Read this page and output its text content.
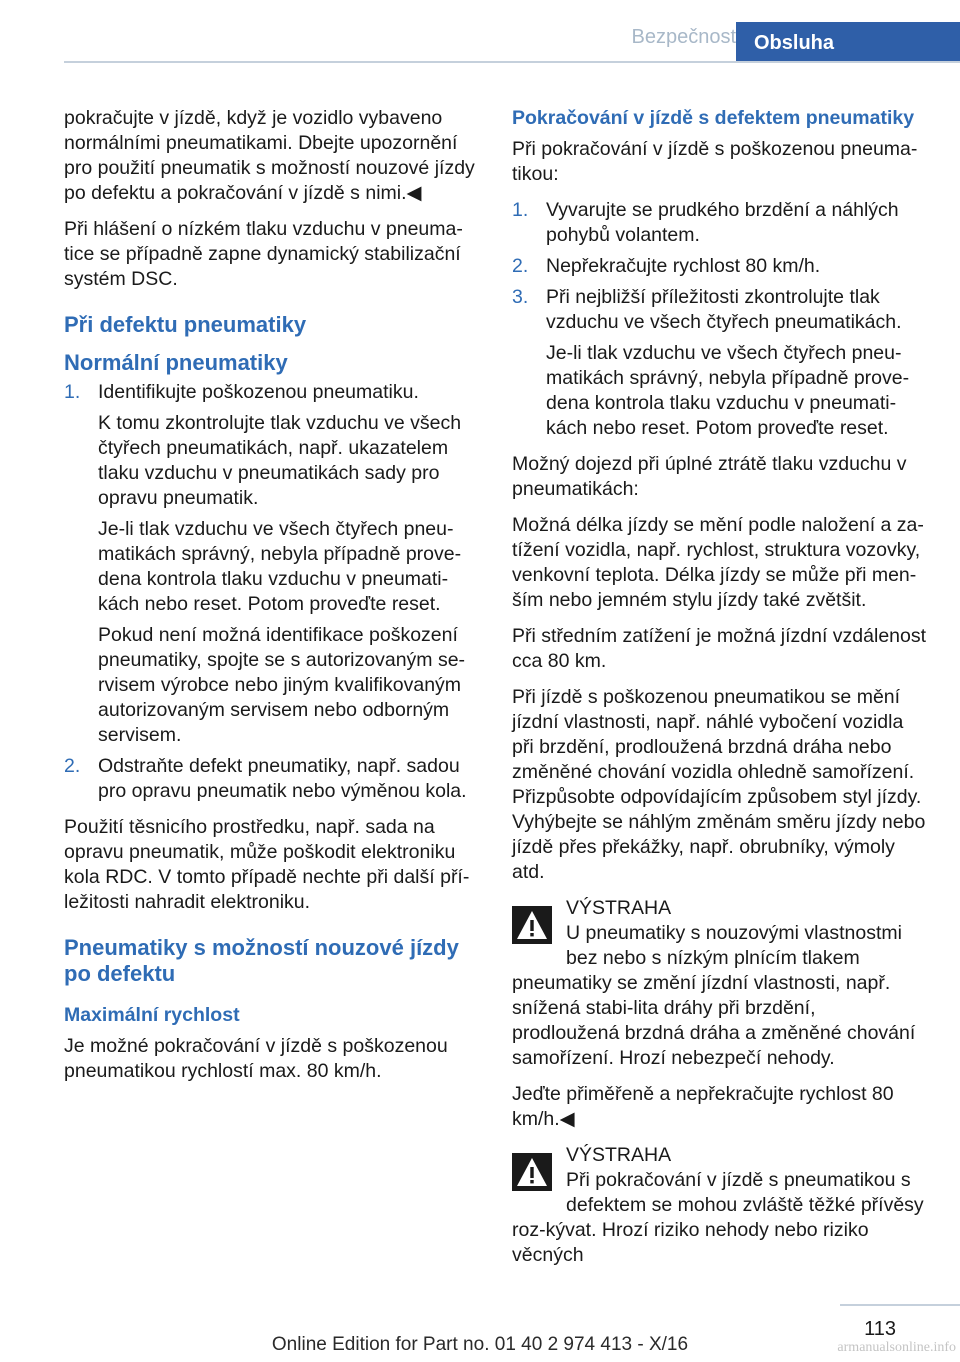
Bezpečnost Obsluha

pokračujte v jízdě, když je vozidlo vybaveno normálními pneumatikami. Dbejte upozornění pro použití pneumatik s možností nouzové jízdy po defektu a pokračování v jízdě s nimi.◀

Při hlášení o nízkém tlaku vzduchu v pneuma-tice se případně zapne dynamický stabilizační systém DSC.

Při defektu pneumatiky
Normální pneumatiky
1. Identifikujte poškozenou pneumatiku.
K tomu zkontrolujte tlak vzduchu ve všech čtyřech pneumatikách, např. ukazatelem tlaku vzduchu v pneumatikách sady pro opravu pneumatik.
Je-li tlak vzduchu ve všech čtyřech pneu-matikách správný, nebyla případně prove-dena kontrola tlaku vzduchu v pneumati-kách nebo reset. Potom proveďte reset.
Pokud není možná identifikace poškození pneumatiky, spojte se s autorizovaným se-rvisem výrobce nebo jiným kvalifikovaným autorizovaným servisem nebo odborným servisem.
2. Odstraňte defekt pneumatiky, např. sadou pro opravu pneumatik nebo výměnou kola.

Použití těsnicího prostředku, např. sada na opravu pneumatik, může poškodit elektroniku kola RDC. V tomto případě nechte při další pří-ležitosti nahradit elektroniku.

Pneumatiky s možností nouzové jízdy po defektu
Maximální rychlost

Je možné pokračování v jízdě s poškozenou pneumatikou rychlostí max. 80 km/h.

Pokračování v jízdě s defektem pneumatiky

Při pokračování v jízdě s poškozenou pneuma-tikou:

1. Vyvarujte se prudkého brzdění a náhlých pohybů volantem.
2. Nepřekračujte rychlost 80 km/h.
3. Při nejbližší příležitosti zkontrolujte tlak vzduchu ve všech čtyřech pneumatikách.
Je-li tlak vzduchu ve všech čtyřech pneu-matikách správný, nebyla případně prove-dena kontrola tlaku vzduchu v pneumati-kách nebo reset. Potom proveďte reset.

Možný dojezd při úplné ztrátě tlaku vzduchu v pneumatikách:

Možná délka jízdy se mění podle naložení a za-tížení vozidla, např. rychlost, struktura vozovky, venkovní teplota. Délka jízdy se může při men-ším nebo jemném stylu jízdy také zvětšit.

Při středním zatížení je možná jízdní vzdálenost cca 80 km.

Při jízdě s poškozenou pneumatikou se mění jízdní vlastnosti, např. náhlé vybočení vozidla při brzdění, prodloužená brzdná dráha nebo změněné chování vozidla ohledně samořízení. Přizpůsobte odpovídajícím způsobem styl jízdy. Vyhýbejte se náhlým změnám směru jízdy nebo jízdě přes překážky, např. obrubníky, výmoly atd.

VÝSTRAHA
U pneumatiky s nouzovými vlastnostmi bez nebo s nízkým plnícím tlakem pneumatiky se změní jízdní vlastnosti, např. snížená stabi-lita dráhy při brzdění, prodloužená brzdná dráha a změněné chování samořízení. Hrozí nebezpečí nehody.

Jeďte přiměřeně a nepřekračujte rychlost 80 km/h.◀

VÝSTRAHA
Při pokračování v jízdě s pneumatikou s defektem se mohou zvláště těžké přívěsy roz-kývat. Hrozí riziko nehody nebo riziko věcných
113
Online Edition for Part no. 01 40 2 974 413 - X/16	armanualsonline.info
